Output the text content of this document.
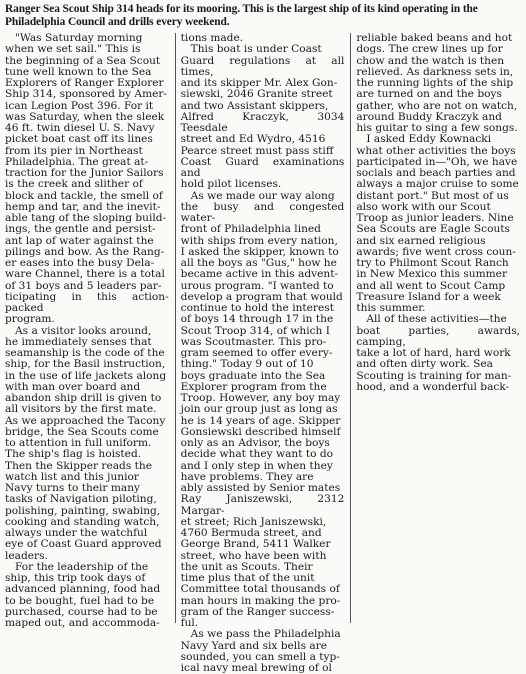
Ranger Sea Scout Ship 314 heads for its mooring. This is the largest ship of its kind operating in the Philadelphia Council and drills every weekend.

"Was Saturday morning
when we set sail." This is
the beginning of a Sea Scout
tune well known to the Sea
Explorers of Ranger Explorer
Ship 314, sponsored by Amer-
ican Legion Post 396. For it
was Saturday, when the sleek
46 ft. twin diesel U. S. Navy
picket boat cast off its lines
from its pier in Northeast
Philadelphia. The great at-
traction for the Junior Sailors
is the creek and slither of
block and tackle, the smell of
hemp and tar, and the inevit-
able tang of the sloping build-
ings, the gentle and persist-
ant lap of water against the
pilings and bow. As the Rang-
er eases into the busy Dela-
ware Channel, there is a total
of 31 boys and 5 leaders par-
ticipating in this action-packed
program.

As a visitor looks around,
he immediately senses that
seamanship is the code of the
ship, for the Basil instruction,
in the use of life jackets along
with man over board and
abandon ship drill is given to
all visitors by the first mate.
As we approached the Tacony
bridge, the Sea Scouts come
to attention in full uniform.
The ship's flag is hoisted.
Then the Skipper reads the
watch list and this junior
Navy turns to their many
tasks of Navigation piloting,
polishing, painting, swabing,
cooking and standing watch,
always under the watchful
eye of Coast Guard approved
leaders.

For the leadership of the
ship, this trip took days of
advanced planning, food had
to be bought, fuel had to be
purchased, course had to be
maped out, and accommoda-

tions made.

This boat is under Coast
Guard regulations at all times,
and its skipper Mr. Alex Gon-
siewski, 2046 Granite street
and two Assistant skippers,
Alfred Kraczyk, 3034 Teesdale
street and Ed Wydro, 4516
Pearce street must pass stiff
Coast Guard examinations and
hold pilot licenses.

As we made our way along
the busy and congested water-
front of Philadelphia lined
with ships from every nation,
I asked the skipper, known to
all the boys as "Gus," how he
became active in this advent-
urous program. "I wanted to
develop a program that would
continue to hold the interest
of boys 14 through 17 in the
Scout Troop 314, of which I
was Scoutmaster. This pro-
gram seemed to offer every-
thing." Today 9 out of 10
boys graduate into the Sea
Explorer program from the
Troop. However, any boy may
join our group just as long as
he is 14 years of age. Skipper
Gonsiewski described himself
only as an Advisor, the boys
decide what they want to do
and I only step in when they
have problems. They are
ably assisted by Senior mates
Ray Janiszewski, 2312 Margar-
et street; Rich Janiszewski,
4760 Bermuda street, and
George Brand, 5411 Walker
street, who have been with
the unit as Scouts. Their
time plus that of the unit
Committee total thousands of
man hours in making the pro-
gram of the Ranger success-
ful.

As we pass the Philadelphia
Navy Yard and six bells are
sounded, you can smell a typ-
ical navy meal brewing of ol

reliable baked beans and hot
dogs. The crew lines up for
chow and the watch is then
relieved. As darkness sets in,
the running lights of the ship
are turned on and the boys
gather, who are not on watch,
around Buddy Kraczyk and
his guitar to sing a few songs.

I asked Eddy Kownacki
what other activities the boys
participated in—"Oh, we have
socials and beach parties and
always a major cruise to some
distant port." But most of us
also work with our Scout
Troop as junior leaders. Nine
Sea Scouts are Eagle Scouts
and six earned religious
awards; five went cross coun-
try to Philmont Scout Ranch
in New Mexico this summer
and all went to Scout Camp
Treasure Island for a week
this summer.

All of these activities—the
boat parties, awards, camping,
take a lot of hard, hard work
and often dirty work. Sea
Scouting is training for man-
hood, and a wonderful back-
